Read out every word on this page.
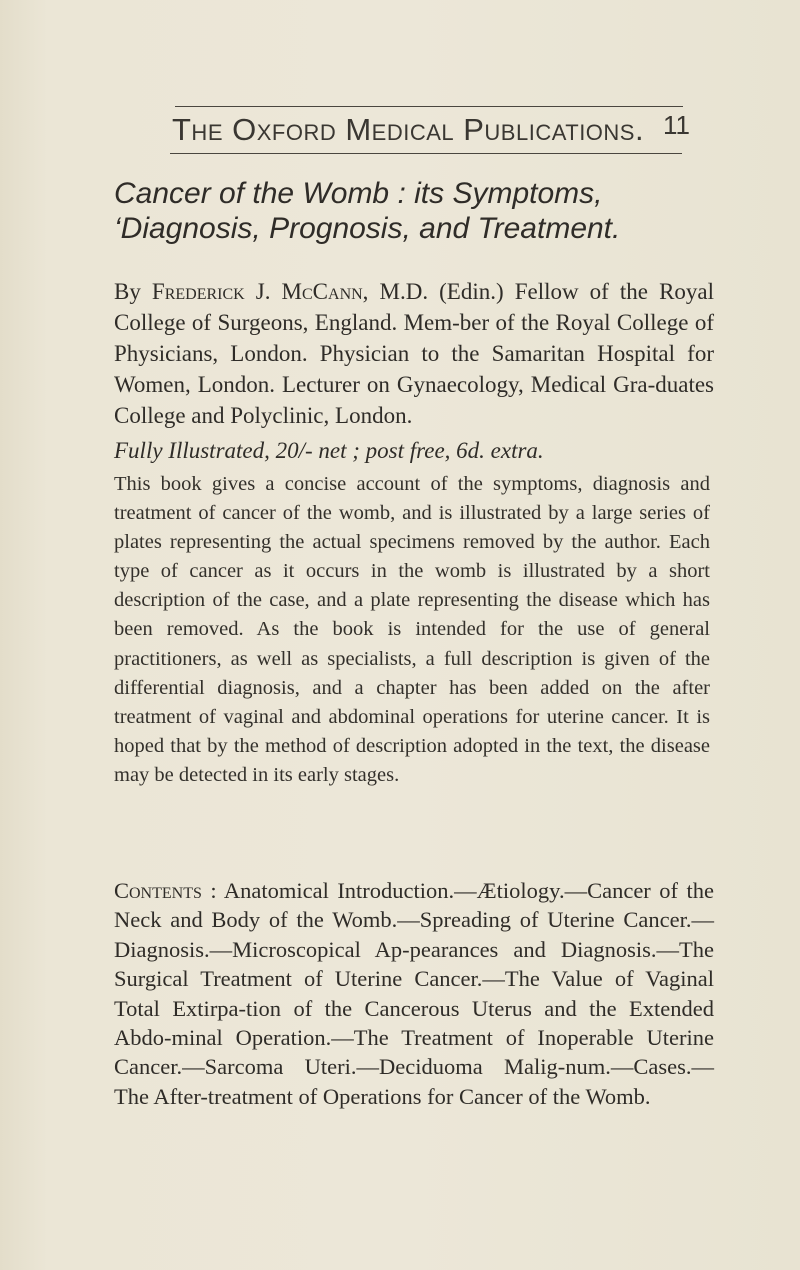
The Oxford Medical Publications. 11
Cancer of the Womb : its Symptoms, ‘Diagnosis, Prognosis, and Treatment.
By Frederick J. McCann, M.D. (Edin.) Fellow of the Royal College of Surgeons, England. Mem-ber of the Royal College of Physicians, London. Physician to the Samaritan Hospital for Women, London. Lecturer on Gynaecology, Medical Gra-duates College and Polyclinic, London.
Fully Illustrated, 20/- net ; post free, 6d. extra.
This book gives a concise account of the symptoms, diagnosis and treatment of cancer of the womb, and is illustrated by a large series of plates representing the actual specimens removed by the author. Each type of cancer as it occurs in the womb is illustrated by a short description of the case, and a plate representing the disease which has been removed. As the book is intended for the use of general practitioners, as well as specialists, a full description is given of the differential diagnosis, and a chapter has been added on the after treatment of vaginal and abdominal operations for uterine cancer. It is hoped that by the method of description adopted in the text, the disease may be detected in its early stages.
Contents : Anatomical Introduction.—Ætiology.—Cancer of the Neck and Body of the Womb.—Spreading of Uterine Cancer.—Diagnosis.—Microscopical Ap-pearances and Diagnosis.—The Surgical Treatment of Uterine Cancer.—The Value of Vaginal Total Extirpa-tion of the Cancerous Uterus and the Extended Abdo-minal Operation.—The Treatment of Inoperable Uterine Cancer.—Sarcoma Uteri.—Deciduoma Malig-num.—Cases.—The After-treatment of Operations for Cancer of the Womb.
